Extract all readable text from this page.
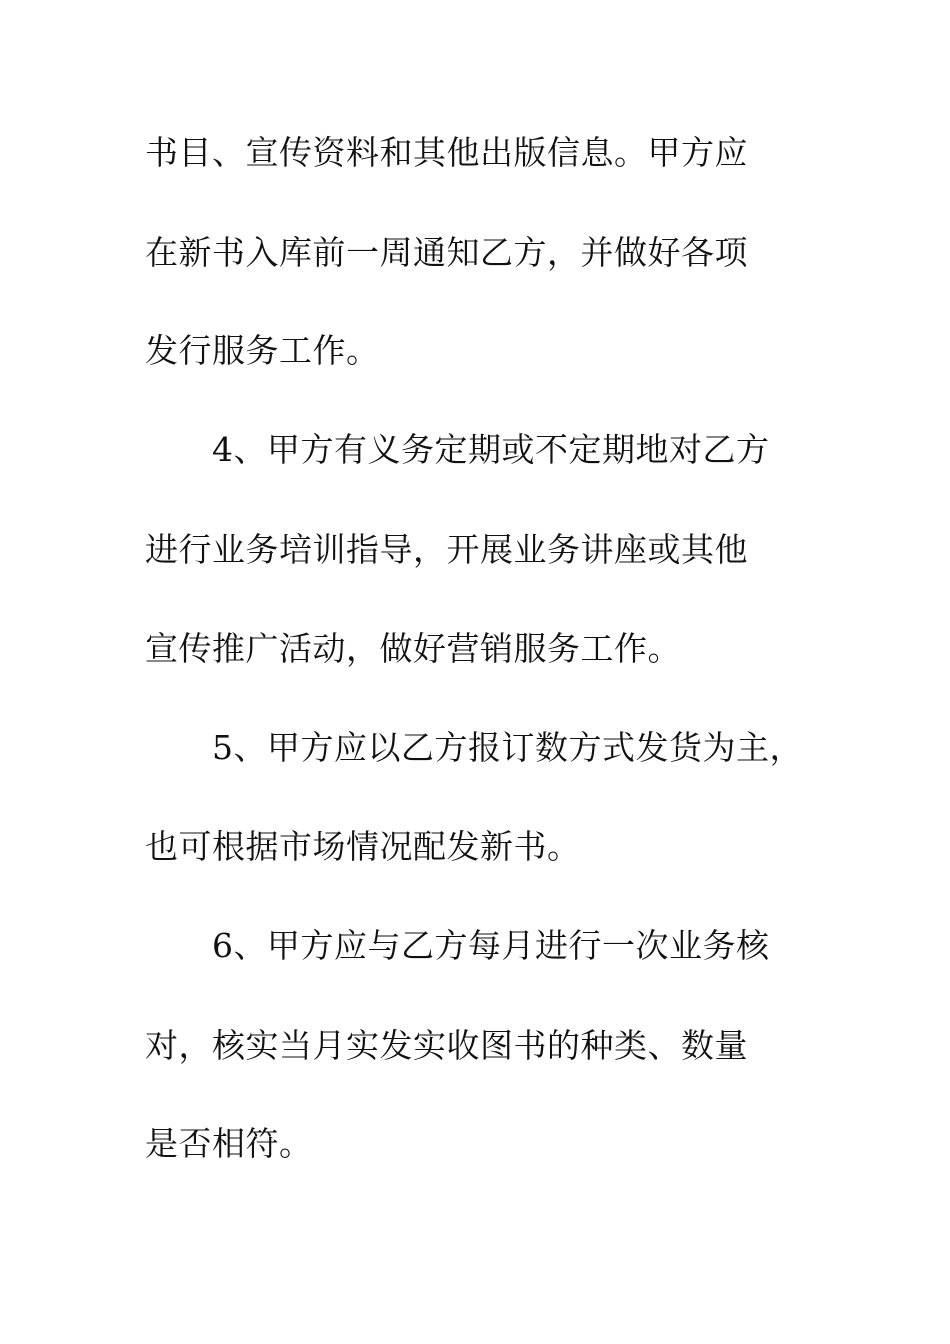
书目、宣传资料和其他出版信息。甲方应
在新书入库前一周通知乙方，并做好各项
发行服务工作。
4、甲方有义务定期或不定期地对乙方
进行业务培训指导，开展业务讲座或其他
宣传推广活动，做好营销服务工作。
5、甲方应以乙方报订数方式发货为主，
也可根据市场情况配发新书。
6、甲方应与乙方每月进行一次业务核
对，核实当月实发实收图书的种类、数量
是否相符。
